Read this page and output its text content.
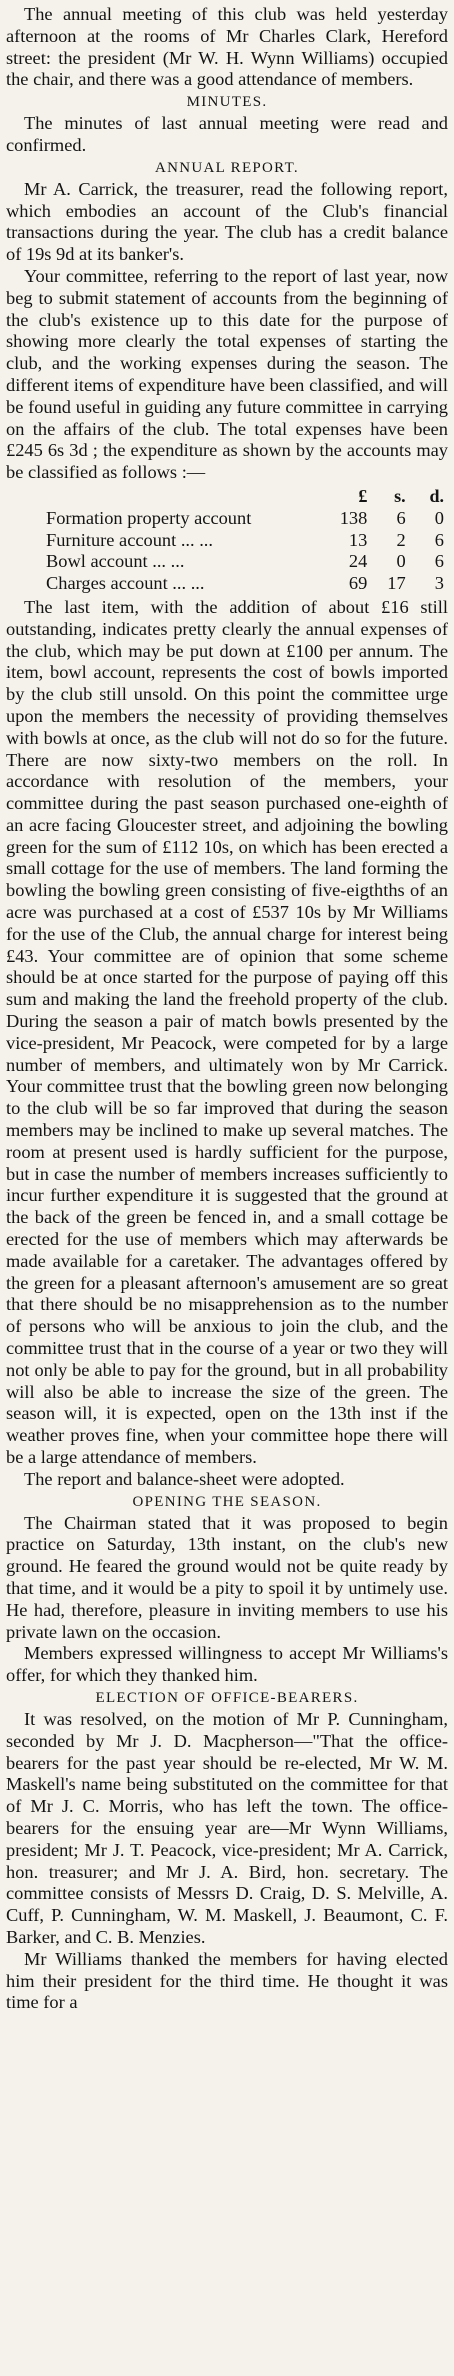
The annual meeting of this club was held yesterday afternoon at the rooms of Mr Charles Clark, Hereford street: the president (Mr W. H. Wynn Williams) occupied the chair, and there was a good attendance of members.

MINUTES.

The minutes of last annual meeting were read and confirmed.

ANNUAL REPORT.

Mr A. Carrick, the treasurer, read the following report, which embodies an account of the Club's financial transactions during the year. The club has a credit balance of 19s 9d at its banker's.

Your committee, referring to the report of last year, now beg to submit statement of accounts from the beginning of the club's existence up to this date for the purpose of showing more clearly the total expenses of starting the club, and the working expenses during the season. The different items of expenditure have been classified, and will be found useful in guiding any future committee in carrying on the affairs of the club. The total expenses have been £245 6s 3d ; the expenditure as shown by the accounts may be classified as follows :—

	£	s.	d.
Formation property account	138	6	0
Furniture account ... ...	13	2	6
Bowl account ... ...	24	0	6
Charges account ... ...	69	17	3

The last item, with the addition of about £16 still outstanding, indicates pretty clearly the annual expenses of the club, which may be put down at £100 per annum. The item, bowl account, represents the cost of bowls imported by the club still unsold. On this point the committee urge upon the members the necessity of providing themselves with bowls at once, as the club will not do so for the future. There are now sixty-two members on the roll. In accordance with resolution of the members, your committee during the past season purchased one-eighth of an acre facing Gloucester street, and adjoining the bowling green for the sum of £112 10s, on which has been erected a small cottage for the use of members. The land forming the bowling the bowling green consisting of five-eigthths of an acre was purchased at a cost of £537 10s by Mr Williams for the use of the Club, the annual charge for interest being £43. Your committee are of opinion that some scheme should be at once started for the purpose of paying off this sum and making the land the freehold property of the club. During the season a pair of match bowls presented by the vice-president, Mr Peacock, were competed for by a large number of members, and ultimately won by Mr Carrick. Your committee trust that the bowling green now belonging to the club will be so far improved that during the season members may be inclined to make up several matches. The room at present used is hardly sufficient for the purpose, but in case the number of members increases sufficiently to incur further expenditure it is suggested that the ground at the back of the green be fenced in, and a small cottage be erected for the use of members which may afterwards be made available for a caretaker. The advantages offered by the green for a pleasant afternoon's amusement are so great that there should be no misapprehension as to the number of persons who will be anxious to join the club, and the committee trust that in the course of a year or two they will not only be able to pay for the ground, but in all probability will also be able to increase the size of the green. The season will, it is expected, open on the 13th inst if the weather proves fine, when your committee hope there will be a large attendance of members.

The report and balance-sheet were adopted.

OPENING THE SEASON.

The Chairman stated that it was proposed to begin practice on Saturday, 13th instant, on the club's new ground. He feared the ground would not be quite ready by that time, and it would be a pity to spoil it by untimely use. He had, therefore, pleasure in inviting members to use his private lawn on the occasion.

Members expressed willingness to accept Mr Williams's offer, for which they thanked him.

ELECTION OF OFFICE-BEARERS.

It was resolved, on the motion of Mr P. Cunningham, seconded by Mr J. D. Macpherson—"That the office-bearers for the past year should be re-elected, Mr W. M. Maskell's name being substituted on the committee for that of Mr J. C. Morris, who has left the town. The office-bearers for the ensuing year are—Mr Wynn Williams, president; Mr J. T. Peacock, vice-president; Mr A. Carrick, hon. treasurer; and Mr J. A. Bird, hon. secretary. The committee consists of Messrs D. Craig, D. S. Melville, A. Cuff, P. Cunningham, W. M. Maskell, J. Beaumont, C. F. Barker, and C. B. Menzies.

Mr Williams thanked the members for having elected him their president for the third time. He thought it was time for a
